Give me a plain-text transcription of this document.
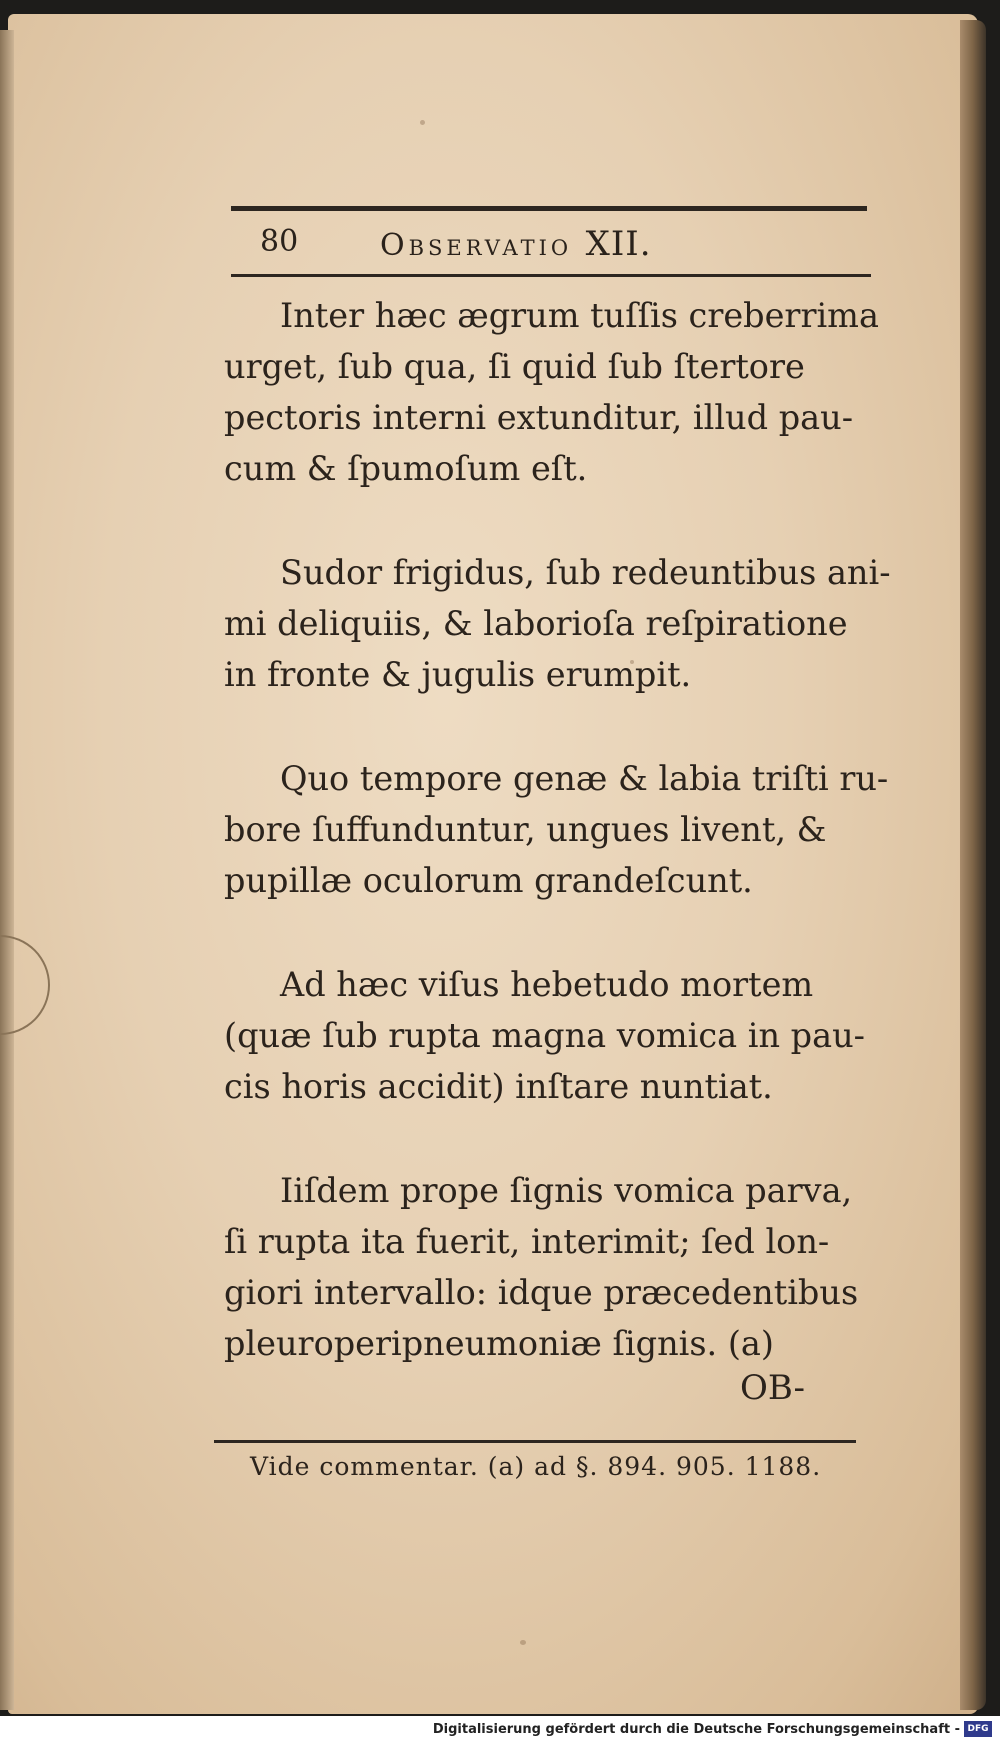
80	Observatio XII.
Inter hæc ægrum tuſſis creberrima
urget, ſub qua, ſi quid ſub ſtertore
pectoris interni extunditur, illud pau-
cum & ſpumoſum eſt.
Sudor frigidus, ſub redeuntibus ani-
mi deliquiis, & laborioſa reſpiratione
in fronte & jugulis erumpit.
Quo tempore genæ & labia triſti ru-
bore ſuffunduntur, ungues livent, &
pupillæ oculorum grandeſcunt.
Ad hæc viſus hebetudo mortem
(quæ ſub rupta magna vomica in pau-
cis horis accidit) inſtare nuntiat.
Iiſdem prope ſignis vomica parva,
ſi rupta ita fuerit, interimit; ſed lon-
giori intervallo: idque præcedentibus
pleuroperipneumoniæ ſignis. (a)
OB-
Vide commentar. (a) ad §. 894. 905. 1188.
Digitalisierung gefördert durch die Deutsche Forschungsgemeinschaft - DFG
